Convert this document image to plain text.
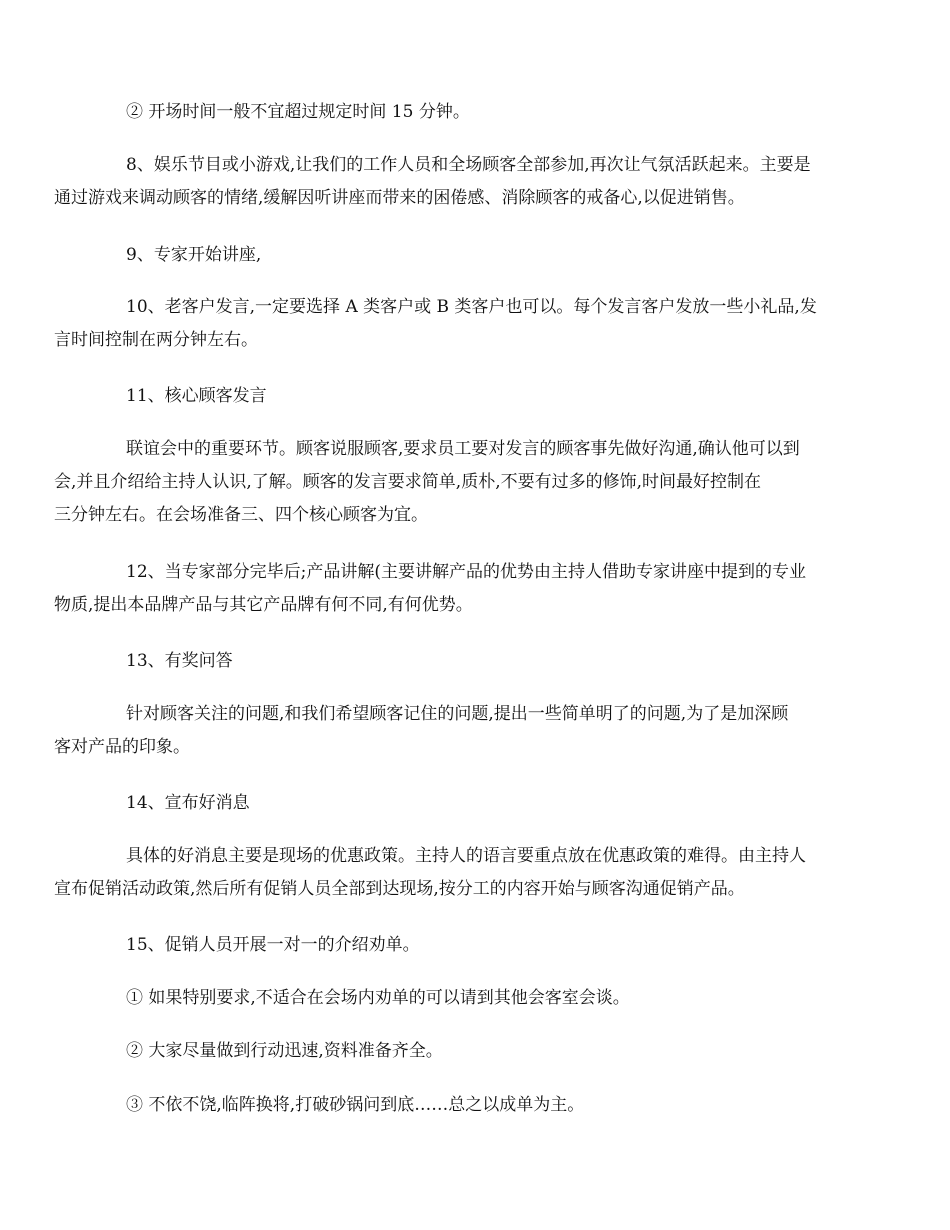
② 开场时间一般不宜超过规定时间 15 分钟。

8、娱乐节目或小游戏,让我们的工作人员和全场顾客全部参加,再次让气氛活跃起来。主要是
通过游戏来调动顾客的情绪,缓解因听讲座而带来的困倦感、消除顾客的戒备心,以促进销售。

9、专家开始讲座,

10、老客户发言,一定要选择 A 类客户或 B 类客户也可以。每个发言客户发放一些小礼品,发
言时间控制在两分钟左右。

11、核心顾客发言

联谊会中的重要环节。顾客说服顾客,要求员工要对发言的顾客事先做好沟通,确认他可以到
会,并且介绍给主持人认识,了解。顾客的发言要求简单,质朴,不要有过多的修饰,时间最好控制在
三分钟左右。在会场准备三、四个核心顾客为宜。

12、当专家部分完毕后;产品讲解(主要讲解产品的优势由主持人借助专家讲座中提到的专业
物质,提出本品牌产品与其它产品牌有何不同,有何优势。

13、有奖问答

针对顾客关注的问题,和我们希望顾客记住的问题,提出一些简单明了的问题,为了是加深顾
客对产品的印象。

14、宣布好消息

具体的好消息主要是现场的优惠政策。主持人的语言要重点放在优惠政策的难得。由主持人
宣布促销活动政策,然后所有促销人员全部到达现场,按分工的内容开始与顾客沟通促销产品。

15、促销人员开展一对一的介绍劝单。

① 如果特别要求,不适合在会场内劝单的可以请到其他会客室会谈。

② 大家尽量做到行动迅速,资料准备齐全。

③ 不依不饶,临阵换将,打破砂锅问到底……总之以成单为主。
